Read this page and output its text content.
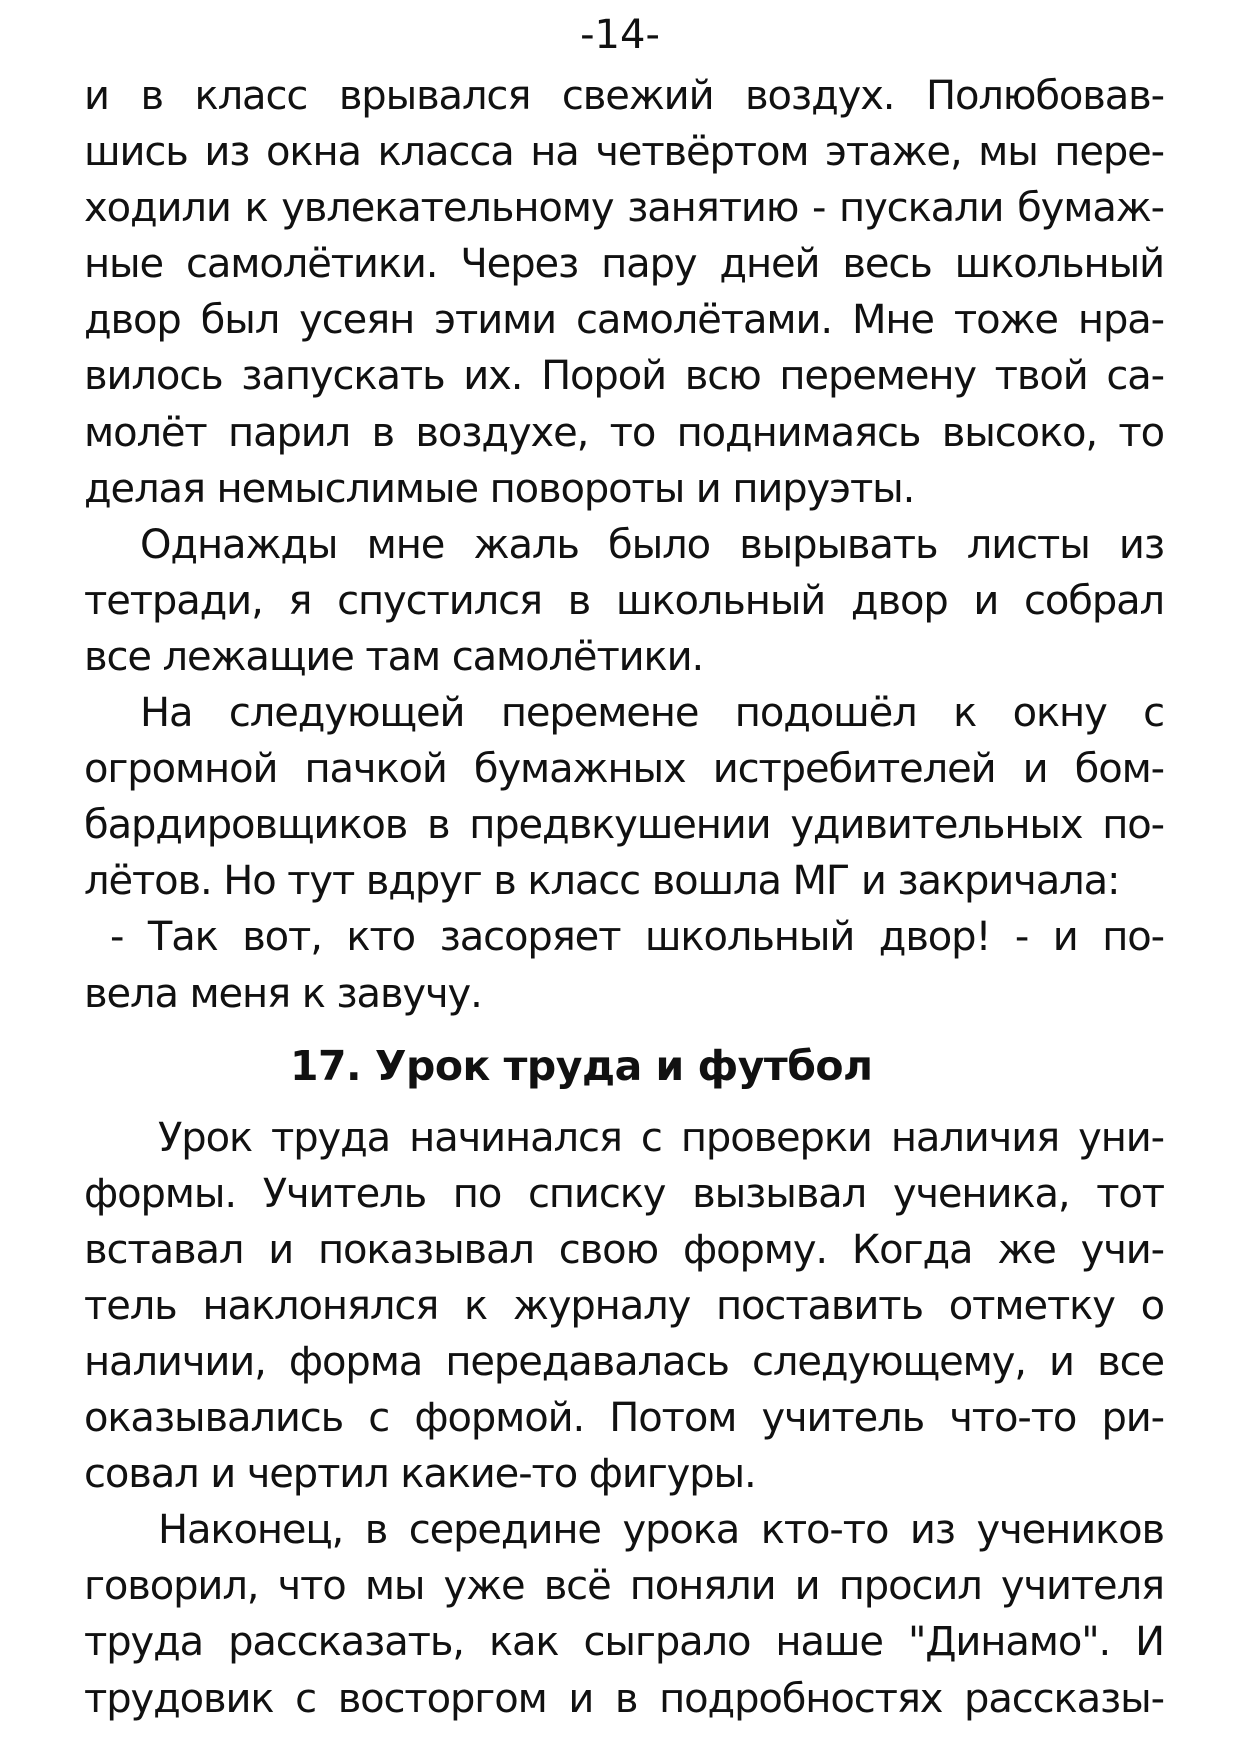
-14-
и в класс врывался свежий воздух. Полюбовав-
шись из окна класса на четвёртом этаже, мы пере-
ходили к увлекательному занятию - пускали бумаж-
ные самолётики. Через пару дней весь школьный
двор был усеян этими самолётами. Мне тоже нра-
вилось запускать их. Порой всю перемену твой са-
молёт парил в воздухе, то поднимаясь высоко, то
делая немыслимые повороты и пируэты.
Однажды мне жаль было вырывать листы из
тетради, я спустился в школьный двор и собрал
все лежащие там самолётики.
На следующей перемене подошёл к окну с
огромной пачкой бумажных истребителей и бом-
бардировщиков в предвкушении удивительных по-
лётов. Но тут вдруг в класс вошла МГ и закричала:
- Так вот, кто засоряет школьный двор! - и по-
вела меня к завучу.
17. Урок труда и футбол
Урок труда начинался с проверки наличия уни-
формы. Учитель по списку вызывал ученика, тот
вставал и показывал свою форму. Когда же учи-
тель наклонялся к журналу поставить отметку о
наличии, форма передавалась следующему, и все
оказывались с формой. Потом учитель что-то ри-
совал и чертил какие-то фигуры.
Наконец, в середине урока кто-то из учеников
говорил, что мы уже всё поняли и просил учителя
труда рассказать, как сыграло наше "Динамо". И
трудовик с восторгом и в подробностях рассказы-
